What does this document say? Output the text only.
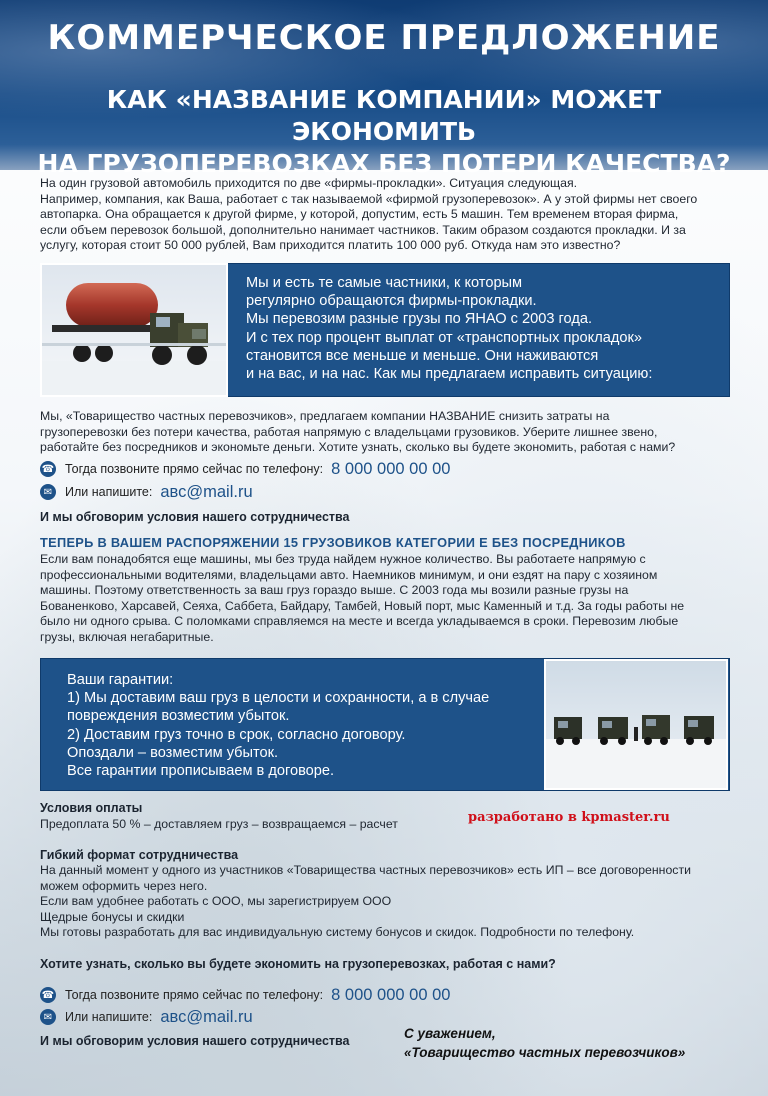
КОММЕРЧЕСКОЕ ПРЕДЛОЖЕНИЕ
КАК «НАЗВАНИЕ КОМПАНИИ» МОЖЕТ ЭКОНОМИТЬ
НА ГРУЗОПЕРЕВОЗКАХ БЕЗ ПОТЕРИ КАЧЕСТВА?
На один грузовой автомобиль приходится по две «фирмы-прокладки». Ситуация следующая.
Например, компания, как Ваша, работает с так называемой «фирмой грузоперевозок». А у этой фирмы нет своего
автопарка. Она обращается к другой фирме, у которой, допустим, есть 5 машин. Тем временем вторая фирма,
если объем перевозок большой, дополнительно нанимает частников. Таким образом создаются прокладки. И за
услугу, которая стоит 50 000 рублей, Вам приходится платить 100 000 руб. Откуда нам это известно?
Мы и есть те самые частники, к которым
регулярно обращаются фирмы-прокладки.
Мы перевозим разные грузы по ЯНАО с 2003 года.
И с тех пор процент выплат от «транспортных прокладок»
становится все меньше и меньше. Они наживаются
и на вас, и на нас. Как мы предлагаем исправить ситуацию:
Мы, «Товарищество частных перевозчиков», предлагаем компании НАЗВАНИЕ снизить затраты на
грузоперевозки без потери качества, работая напрямую с владельцами грузовиков. Уберите лишнее звено,
работайте без посредников и экономьте деньги. Хотите узнать, сколько вы будете экономить, работая с нами?
☎ Тогда позвоните прямо сейчас по телефону: 8 000 000 00 00
✉	Или напишите: авс@mail.ru
И мы обговорим условия нашего сотрудничества
ТЕПЕРЬ В ВАШЕМ РАСПОРЯЖЕНИИ 15 ГРУЗОВИКОВ КАТЕГОРИИ Е БЕЗ ПОСРЕДНИКОВ
Если вам понадобятся еще машины, мы без труда найдем нужное количество. Вы работаете напрямую с
профессиональными водителями, владельцами авто. Наемников минимум, и они ездят на пару с хозяином
машины. Поэтому ответственность за ваш груз гораздо выше. С 2003 года мы возили разные грузы на
Бованенково, Харсавей, Сеяха, Саббета, Байдару, Тамбей, Новый порт, мыс Каменный и т.д. За годы работы не
было ни одного срыва. С поломками справляемся на месте и всегда укладываемся в сроки. Перевозим любые
грузы, включая негабаритные.
Ваши гарантии:
1) Мы доставим ваш груз в целости и сохранности, а в случае
повреждения возместим убыток.
2) Доставим груз точно в срок, согласно договору.
Опоздали – возместим убыток.
Все гарантии прописываем в договоре.
Условия оплаты
Предоплата 50 % – доставляем груз – возвращаемся – расчет	разработано в kpmaster.ru
Гибкий формат сотрудничества
На данный момент у одного из участников «Товарищества частных перевозчиков» есть ИП – все договоренности
можем оформить через него.
Если вам удобнее работать с ООО, мы зарегистрируем ООО
Щедрые бонусы и скидки
Мы готовы разработать для вас индивидуальную систему бонусов и скидок. Подробности по телефону.
Хотите узнать, сколько вы будете экономить на грузоперевозках, работая с нами?
☎ Тогда позвоните прямо сейчас по телефону: 8 000 000 00 00
✉	Или напишите: авс@mail.ru
И мы обговорим условия нашего сотрудничества	С уважением,
«Товарищество частных перевозчиков»
